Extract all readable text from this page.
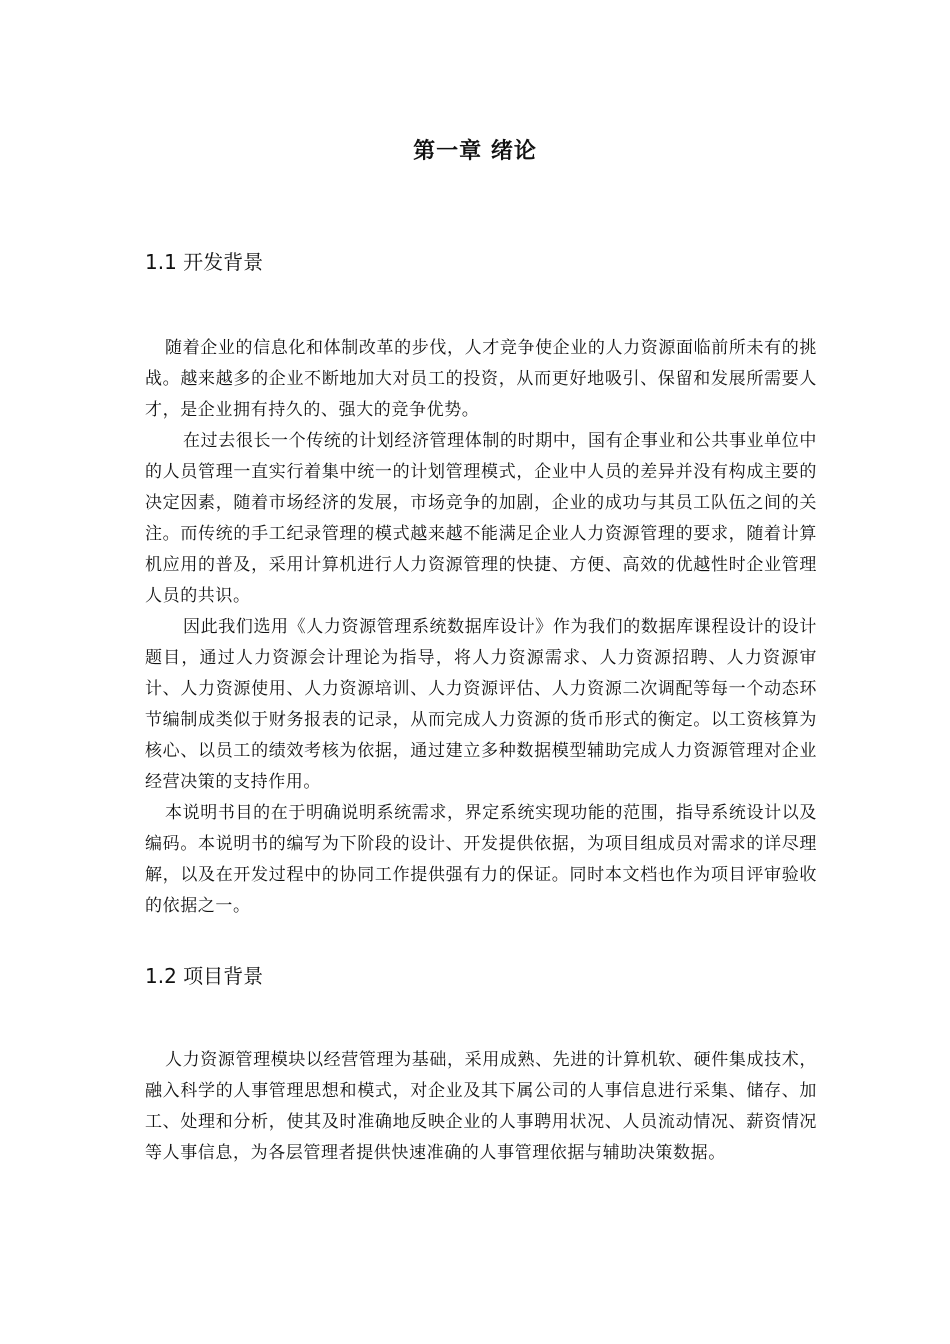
第一章 绪论
1.1 开发背景

随着企业的信息化和体制改革的步伐，人才竞争使企业的人力资源面临前所未有的挑战。越来越多的企业不断地加大对员工的投资，从而更好地吸引、保留和发展所需要人才，是企业拥有持久的、强大的竞争优势。

在过去很长一个传统的计划经济管理体制的时期中，国有企事业和公共事业单位中的人员管理一直实行着集中统一的计划管理模式，企业中人员的差异并没有构成主要的决定因素，随着市场经济的发展，市场竞争的加剧，企业的成功与其员工队伍之间的关注。而传统的手工纪录管理的模式越来越不能满足企业人力资源管理的要求，随着计算机应用的普及，采用计算机进行人力资源管理的快捷、方便、高效的优越性时企业管理人员的共识。

因此我们选用《人力资源管理系统数据库设计》作为我们的数据库课程设计的设计题目，通过人力资源会计理论为指导，将人力资源需求、人力资源招聘、人力资源审计、人力资源使用、人力资源培训、人力资源评估、人力资源二次调配等每一个动态环节编制成类似于财务报表的记录，从而完成人力资源的货币形式的衡定。以工资核算为核心、以员工的绩效考核为依据，通过建立多种数据模型辅助完成人力资源管理对企业经营决策的支持作用。

本说明书目的在于明确说明系统需求，界定系统实现功能的范围，指导系统设计以及编码。本说明书的编写为下阶段的设计、开发提供依据，为项目组成员对需求的详尽理解，以及在开发过程中的协同工作提供强有力的保证。同时本文档也作为项目评审验收的依据之一。

1.2 项目背景

人力资源管理模块以经营管理为基础，采用成熟、先进的计算机软、硬件集成技术，融入科学的人事管理思想和模式，对企业及其下属公司的人事信息进行采集、储存、加工、处理和分析，使其及时准确地反映企业的人事聘用状况、人员流动情况、薪资情况等人事信息，为各层管理者提供快速准确的人事管理依据与辅助决策数据。
